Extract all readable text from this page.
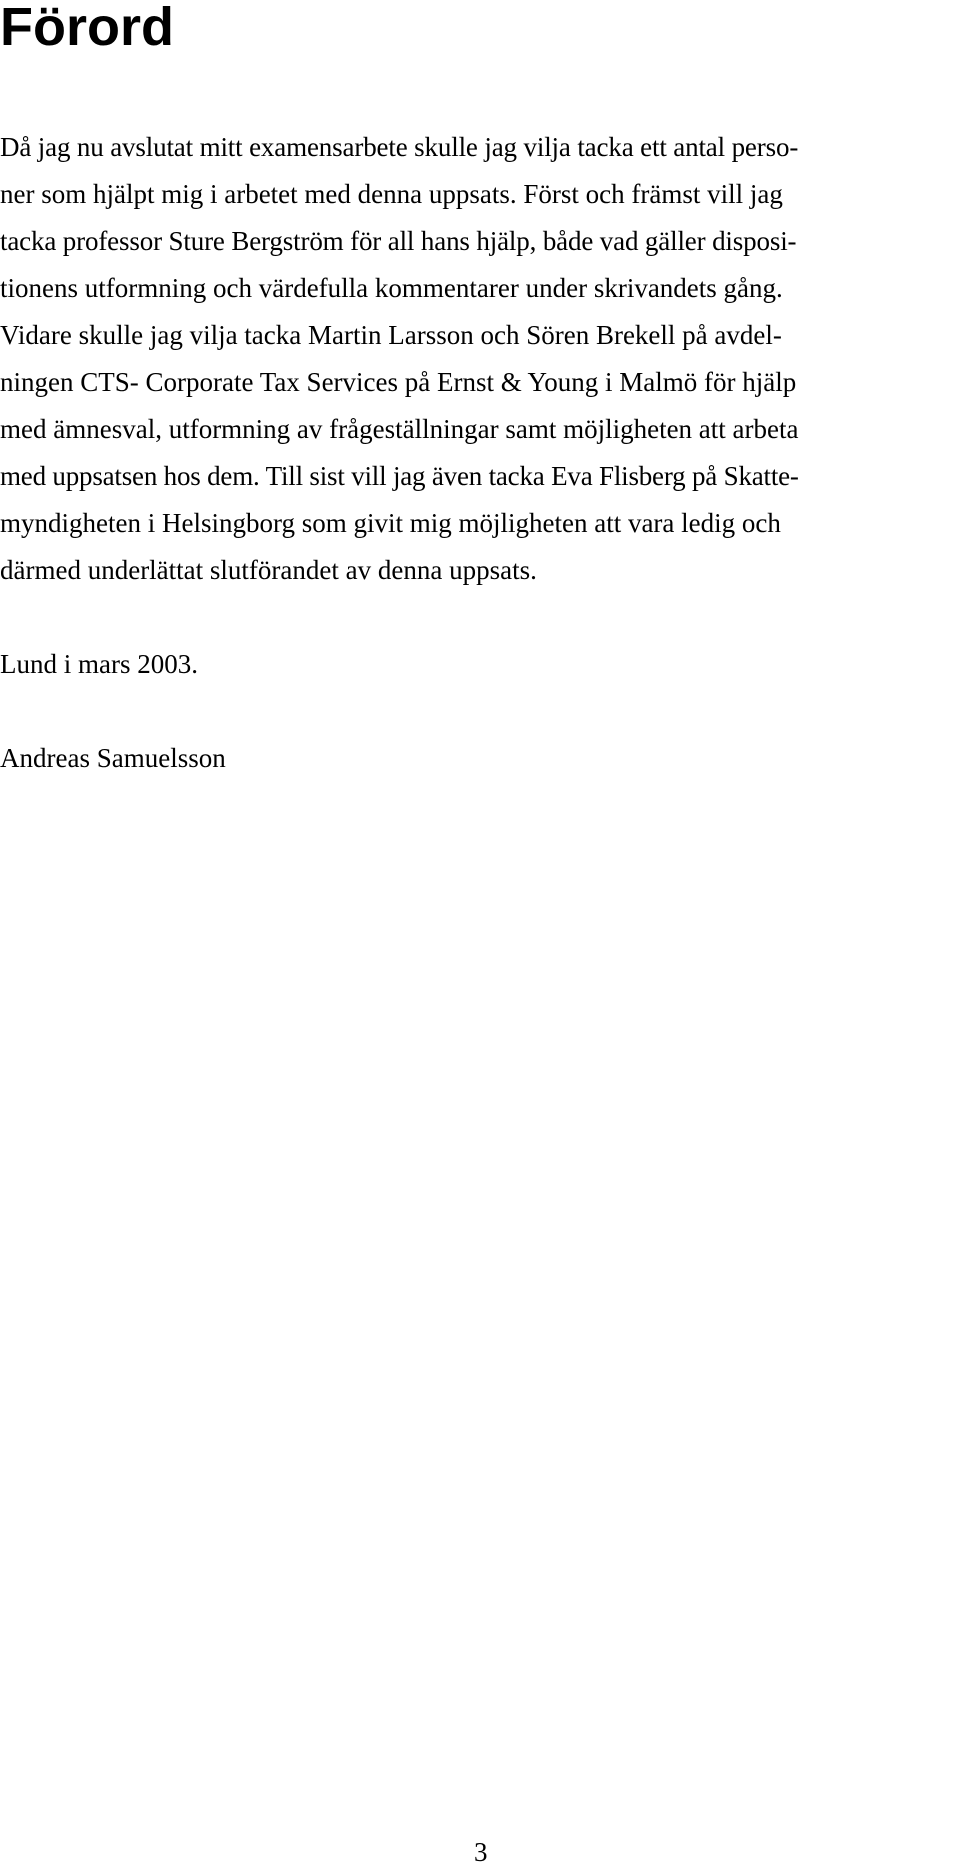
Förord
Då jag nu avslutat mitt examensarbete skulle jag vilja tacka ett antal perso-
ner som hjälpt mig i arbetet med denna uppsats. Först och främst vill jag
tacka professor Sture Bergström för all hans hjälp, både vad gäller disposi-
tionens utformning och värdefulla kommentarer under skrivandets gång.
Vidare skulle jag vilja tacka Martin Larsson och Sören Brekell på avdel-
ningen CTS- Corporate Tax Services på Ernst & Young i Malmö för hjälp
med ämnesval, utformning av frågeställningar samt möjligheten att arbeta
med uppsatsen hos dem. Till sist vill jag även tacka Eva Flisberg på Skatte-
myndigheten i Helsingborg som givit mig möjligheten att vara ledig och
därmed underlättat slutförandet av denna uppsats.
Lund i mars 2003.
Andreas Samuelsson
3
